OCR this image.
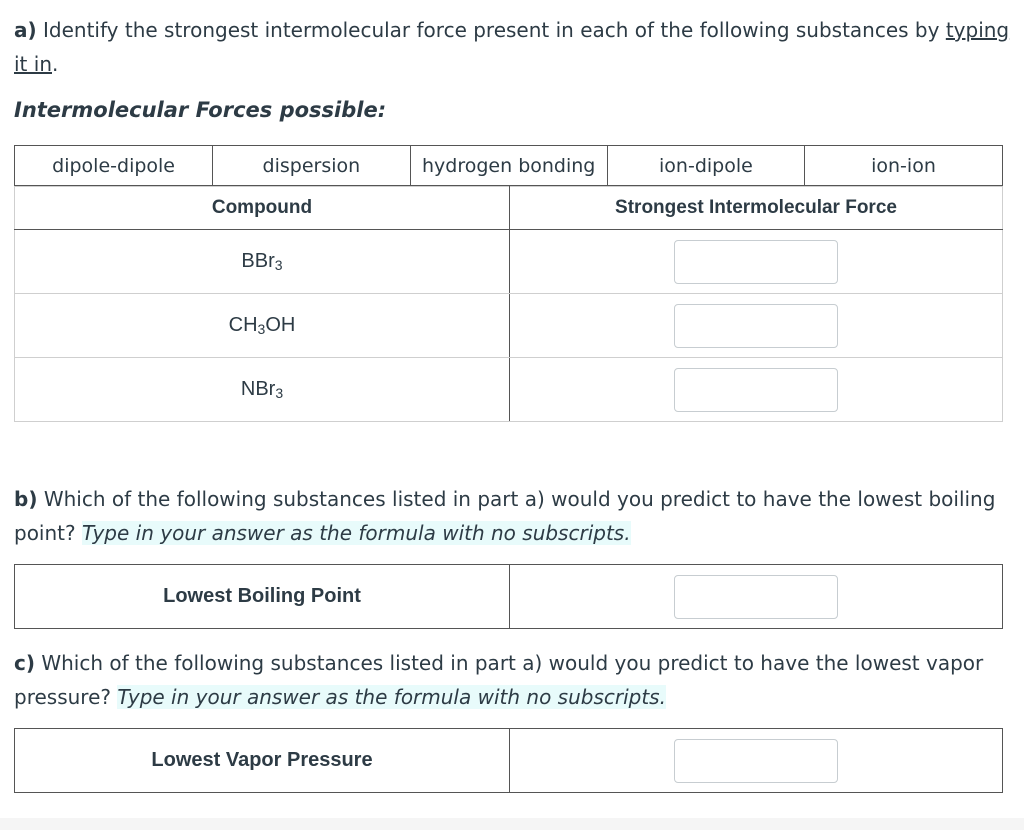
a) Identify the strongest intermolecular force present in each of the following substances by typing it in.

Intermolecular Forces possible:
dipole-dipole	dispersion	hydrogen bonding	ion-dipole	ion-ion
Compound	Strongest Intermolecular Force
BBr$_3$	

$CH_3OH$	

NBr$_3$	

b) Which of the following substances listed in part a) would you predict to have the lowest boiling point? Type in your answer as the formula with no subscripts.

Lowest Boiling Point	

c) Which of the following substances listed in part a) would you predict to have the lowest vapor pressure? Type in your answer as the formula with no subscripts.

Lowest Vapor Pressure	
